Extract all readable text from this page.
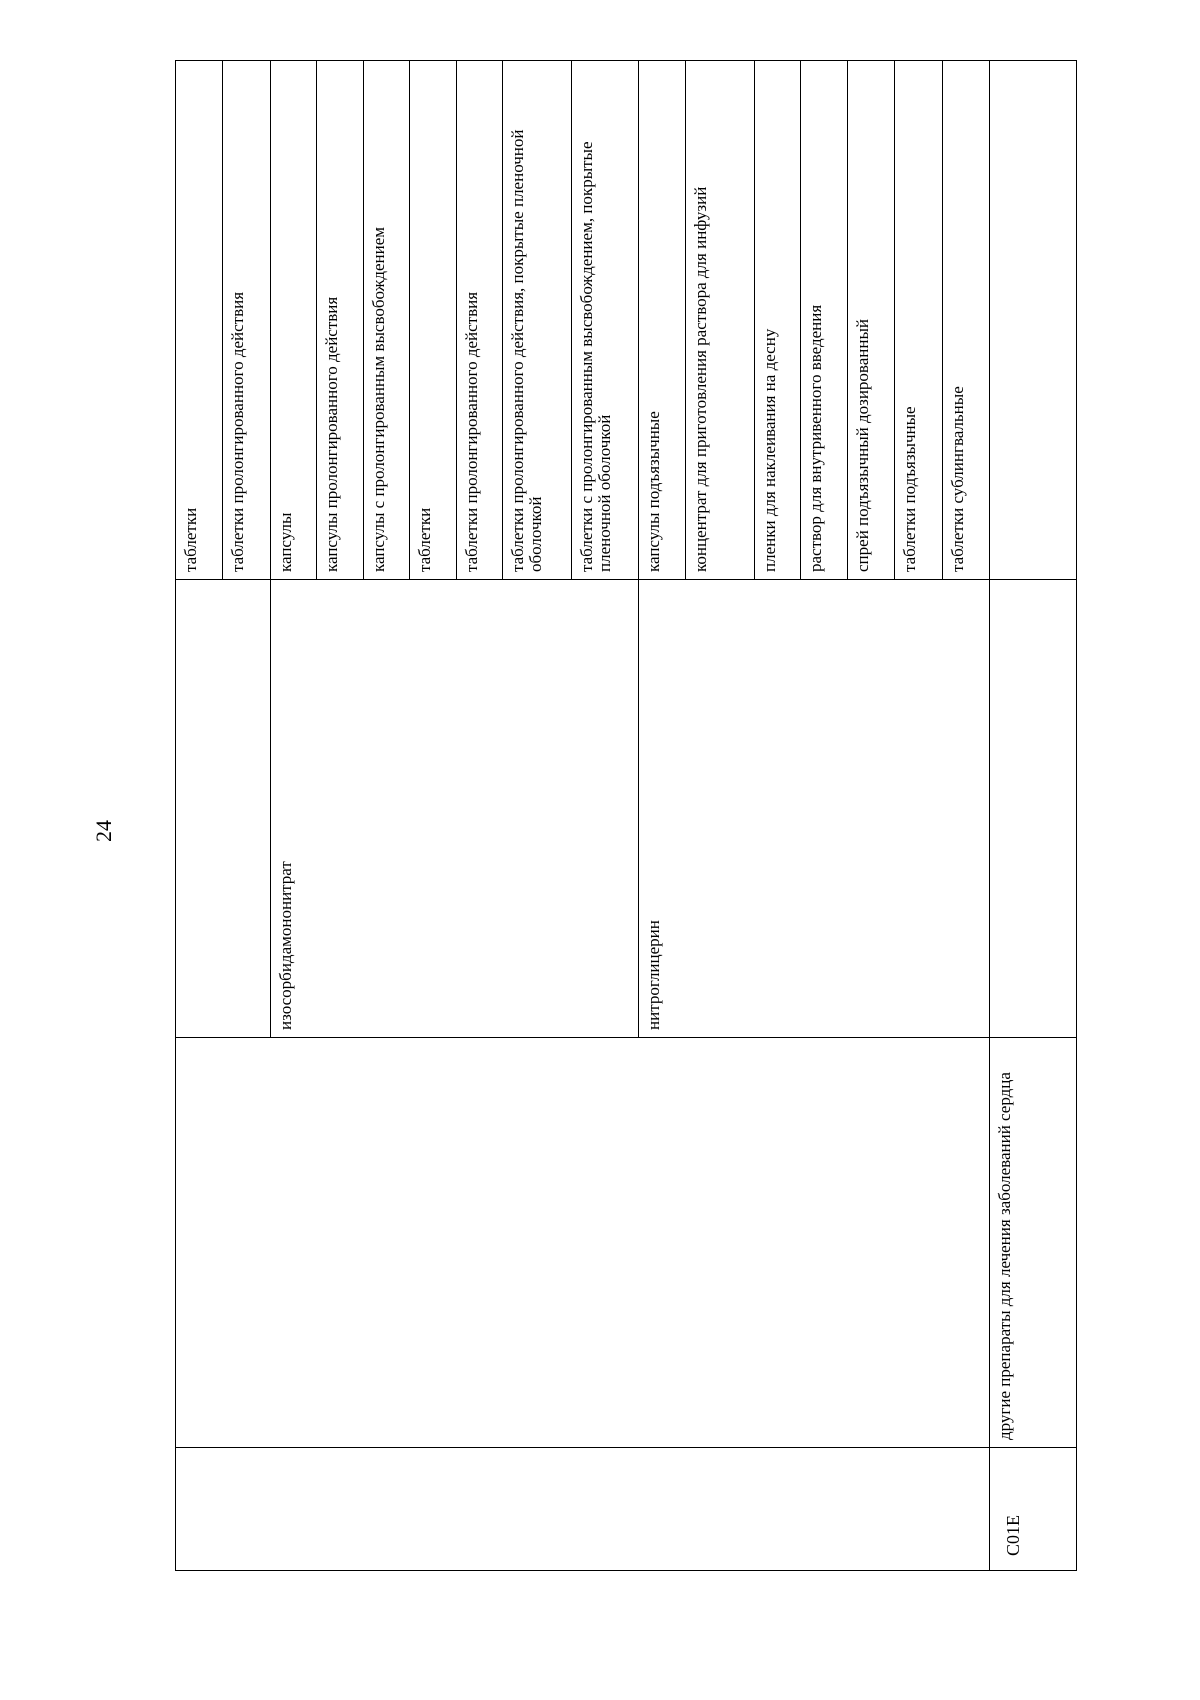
24
			таблетки
			таблетки пролонгированного действия
		изосорбидамононитрат	капсулы
			капсулы пролонгированного действия
			капсулы с пролонгированным высвобождением
			таблетки
			таблетки пролонгированного действия
			таблетки пролонгированного действия, покрытые пленочной оболочкой
			таблетки с пролонгированным высвобождением, покрытые пленочной оболочкой
		нитроглицерин	капсулы подъязычные
			концентрат для приготовления раствора для инфузий
			пленки для наклеивания на десну
			раствор для внутривенного введения
			спрей подъязычный дозированный
			таблетки подъязычные
			таблетки сублингвальные
C01E	другие препараты для лечения заболеваний сердца		
